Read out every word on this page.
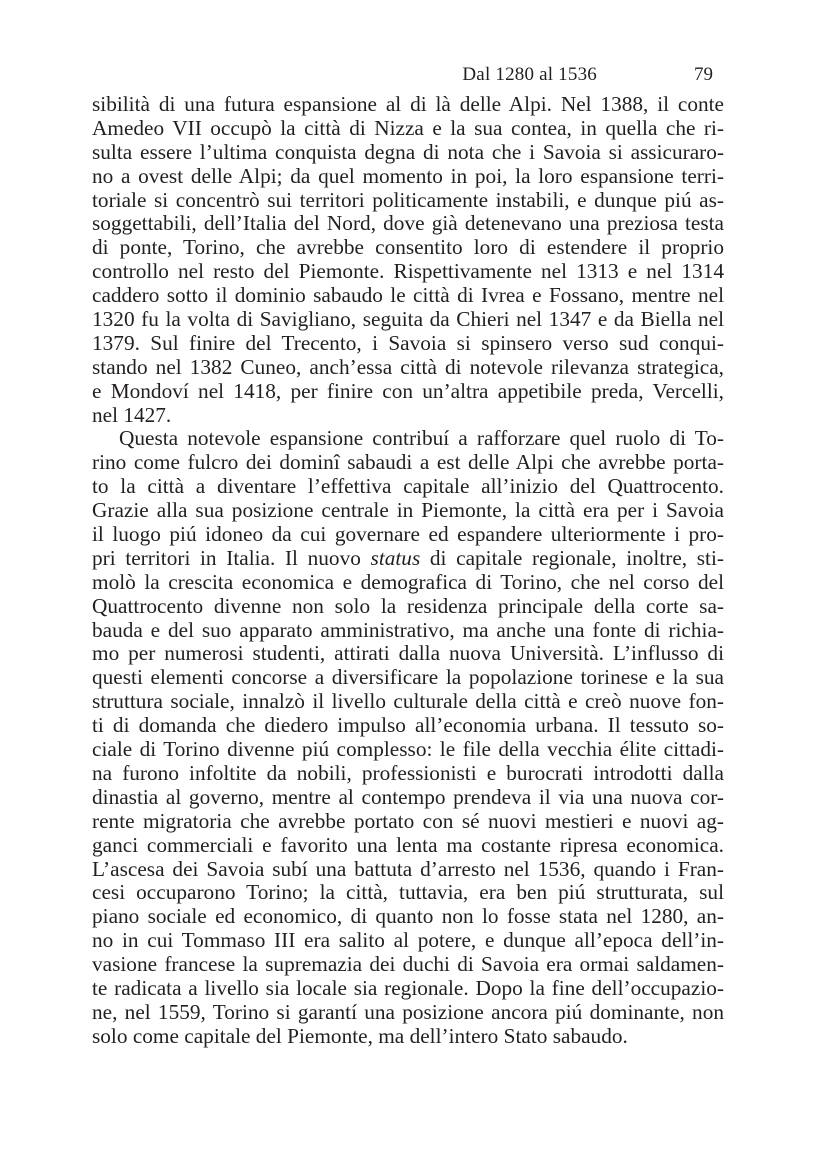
Dal 1280 al 1536	79
sibilità di una futura espansione al di là delle Alpi. Nel 1388, il conte
Amedeo VII occupò la città di Nizza e la sua contea, in quella che ri-
sulta essere l’ultima conquista degna di nota che i Savoia si assicuraro-
no a ovest delle Alpi; da quel momento in poi, la loro espansione terri-
toriale si concentrò sui territori politicamente instabili, e dunque piú as-
soggettabili, dell’Italia del Nord, dove già detenevano una preziosa testa
di ponte, Torino, che avrebbe consentito loro di estendere il proprio
controllo nel resto del Piemonte. Rispettivamente nel 1313 e nel 1314
caddero sotto il dominio sabaudo le città di Ivrea e Fossano, mentre nel
1320 fu la volta di Savigliano, seguita da Chieri nel 1347 e da Biella nel
1379. Sul finire del Trecento, i Savoia si spinsero verso sud conqui-
stando nel 1382 Cuneo, anch’essa città di notevole rilevanza strategica,
e Mondoví nel 1418, per finire con un’altra appetibile preda, Vercelli,
nel 1427.
Questa notevole espansione contribuí a rafforzare quel ruolo di To-
rino come fulcro dei dominî sabaudi a est delle Alpi che avrebbe porta-
to la città a diventare l’effettiva capitale all’inizio del Quattrocento.
Grazie alla sua posizione centrale in Piemonte, la città era per i Savoia
il luogo piú idoneo da cui governare ed espandere ulteriormente i pro-
pri territori in Italia. Il nuovo status di capitale regionale, inoltre, sti-
molò la crescita economica e demografica di Torino, che nel corso del
Quattrocento divenne non solo la residenza principale della corte sa-
bauda e del suo apparato amministrativo, ma anche una fonte di richia-
mo per numerosi studenti, attirati dalla nuova Università. L’influsso di
questi elementi concorse a diversificare la popolazione torinese e la sua
struttura sociale, innalzò il livello culturale della città e creò nuove fon-
ti di domanda che diedero impulso all’economia urbana. Il tessuto so-
ciale di Torino divenne piú complesso: le file della vecchia élite cittadi-
na furono infoltite da nobili, professionisti e burocrati introdotti dalla
dinastia al governo, mentre al contempo prendeva il via una nuova cor-
rente migratoria che avrebbe portato con sé nuovi mestieri e nuovi ag-
ganci commerciali e favorito una lenta ma costante ripresa economica.
L’ascesa dei Savoia subí una battuta d’arresto nel 1536, quando i Fran-
cesi occuparono Torino; la città, tuttavia, era ben piú strutturata, sul
piano sociale ed economico, di quanto non lo fosse stata nel 1280, an-
no in cui Tommaso III era salito al potere, e dunque all’epoca dell’in-
vasione francese la supremazia dei duchi di Savoia era ormai saldamen-
te radicata a livello sia locale sia regionale. Dopo la fine dell’occupazio-
ne, nel 1559, Torino si garantí una posizione ancora piú dominante, non
solo come capitale del Piemonte, ma dell’intero Stato sabaudo.
